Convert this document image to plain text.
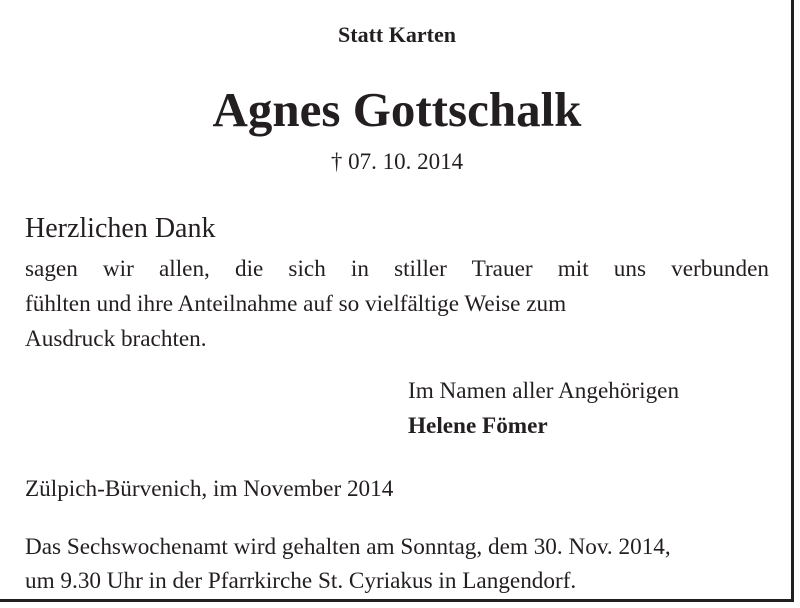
Statt Karten
Agnes Gottschalk
† 07. 10. 2014
Herzlichen Dank
sagen wir allen, die sich in stiller Trauer mit uns verbunden
fühlten und ihre Anteilnahme auf so vielfältige Weise zum
Ausdruck brachten.
Im Namen aller Angehörigen
Helene Fömer
Zülpich-Bürvenich, im November 2014
Das Sechswochenamt wird gehalten am Sonntag, dem 30. Nov. 2014,
um 9.30 Uhr in der Pfarrkirche St. Cyriakus in Langendorf.
